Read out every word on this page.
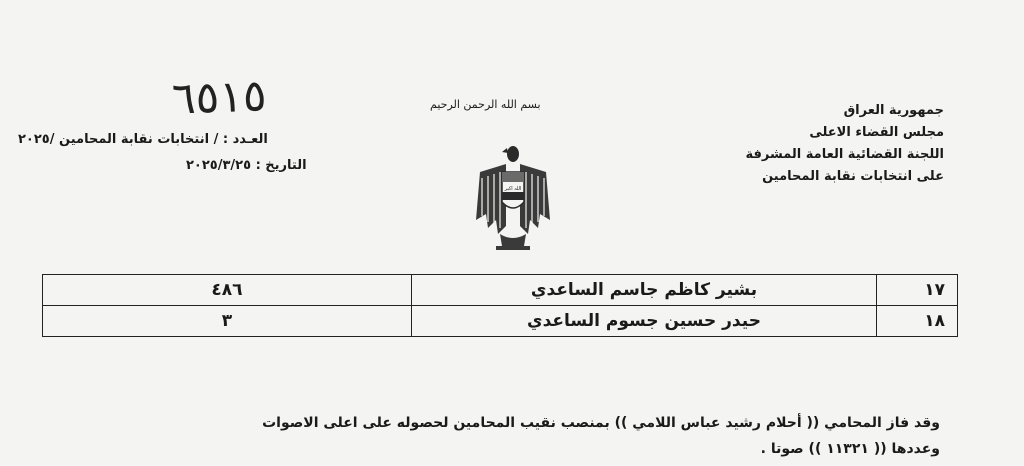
٦٥١٥	جمهورية العراق
مجلس القضاء الاعلى
اللجنة القضائية العامة المشرفة
على انتخابات نقابة المحامين
بسم الله الرحمن الرحيم
العـدد : / انتخابات نقابة المحامين /٢٠٢٥
التاريخ : ٢٠٢٥/٣/٢٥
الله اكبر
١٧	بشير كاظم جاسم الساعدي	٤٨٦
١٨	حيدر حسين جسوم الساعدي	٣
وقد فاز المحامي (( أحلام رشيد عباس اللامي )) بمنصب نقيب المحامين لحصوله على اعلى الاصوات
وعددها (( ١١٣٢١ )) صوتا .
